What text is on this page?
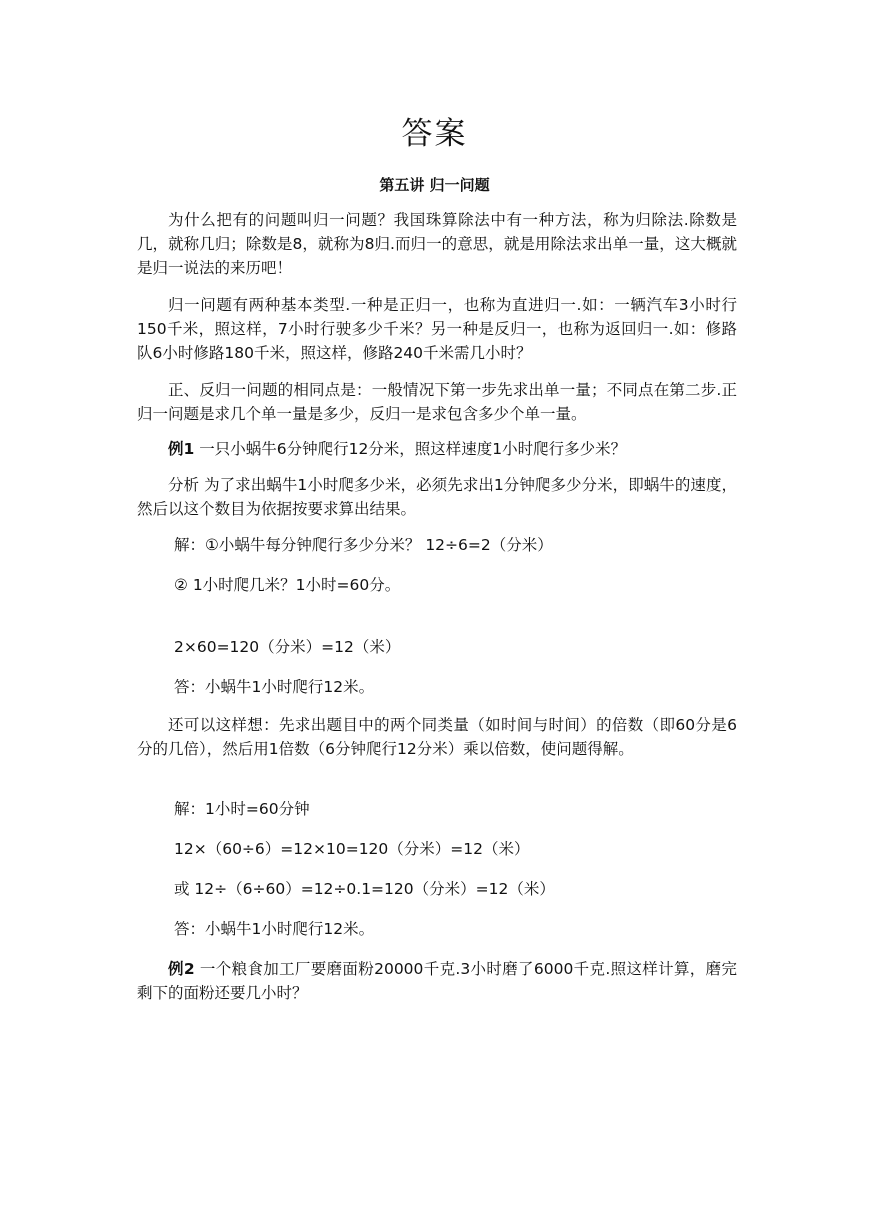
答案
第五讲 归一问题

为什么把有的问题叫归一问题？我国珠算除法中有一种方法，称为归除法.除数是几，就称几归；除数是8，就称为8归.而归一的意思，就是用除法求出单一量，这大概就是归一说法的来历吧！

归一问题有两种基本类型.一种是正归一，也称为直进归一.如：一辆汽车3小时行150千米，照这样，7小时行驶多少千米？另一种是反归一，也称为返回归一.如：修路队6小时修路180千米，照这样，修路240千米需几小时？

正、反归一问题的相同点是：一般情况下第一步先求出单一量；不同点在第二步.正归一问题是求几个单一量是多少，反归一是求包含多少个单一量。

例1 一只小蜗牛6分钟爬行12分米，照这样速度1小时爬行多少米？

分析 为了求出蜗牛1小时爬多少米，必须先求出1分钟爬多少分米，即蜗牛的速度，然后以这个数目为依据按要求算出结果。

解：①小蜗牛每分钟爬行多少分米？ 12÷6=2（分米）

② 1小时爬几米？1小时=60分。

2×60=120（分米）=12（米）

答：小蜗牛1小时爬行12米。

还可以这样想：先求出题目中的两个同类量（如时间与时间）的倍数（即60分是6分的几倍），然后用1倍数（6分钟爬行12分米）乘以倍数，使问题得解。

解：1小时=60分钟

12×（60÷6）=12×10=120（分米）=12（米）

或 12÷（6÷60）=12÷0.1=120（分米）=12（米）

答：小蜗牛1小时爬行12米。

例2 一个粮食加工厂要磨面粉20000千克.3小时磨了6000千克.照这样计算，磨完剩下的面粉还要几小时？
